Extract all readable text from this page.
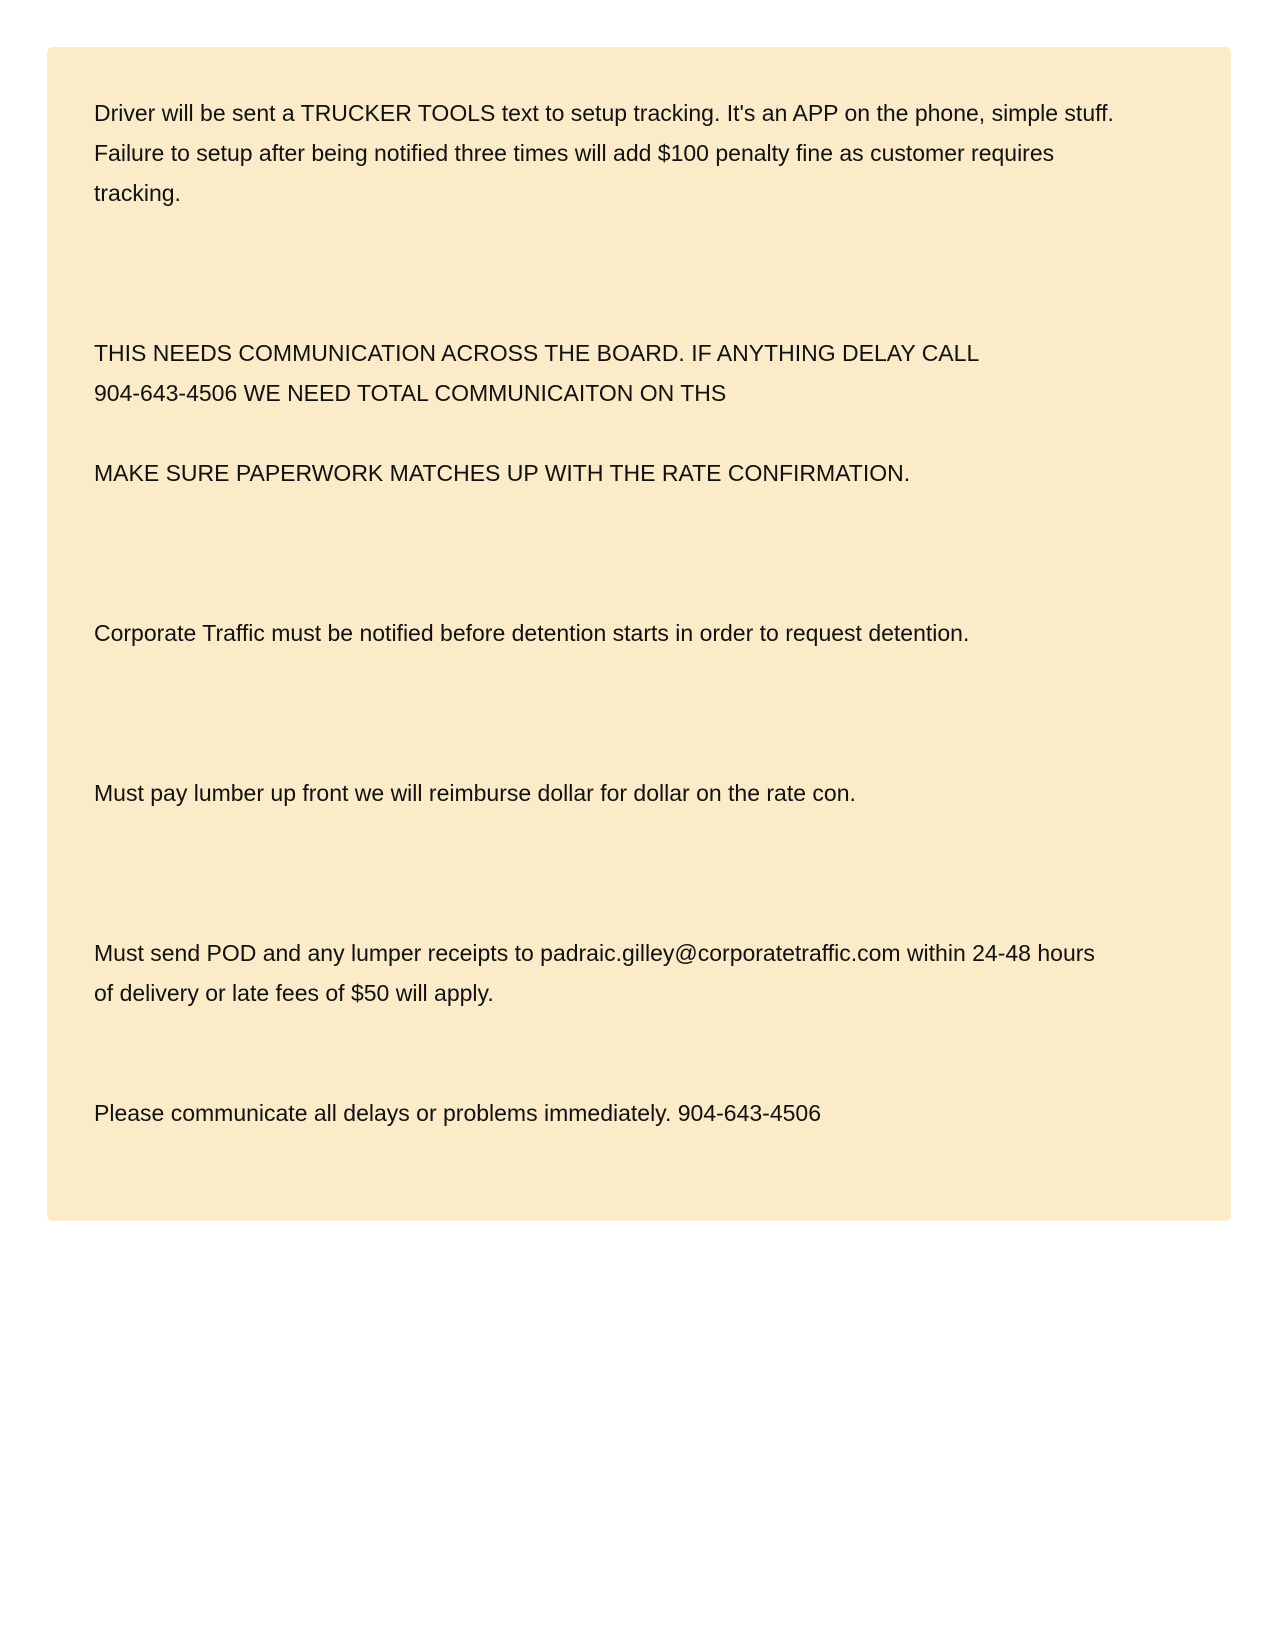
Driver will be sent a TRUCKER TOOLS text to setup tracking. It's an APP on the phone, simple stuff.
Failure to setup after being notified three times will add $100 penalty fine as customer requires
tracking.

THIS NEEDS COMMUNICATION ACROSS THE BOARD. IF ANYTHING DELAY CALL
904-643-4506 WE NEED TOTAL COMMUNICAITON ON THS

MAKE SURE PAPERWORK MATCHES UP WITH THE RATE CONFIRMATION.

Corporate Traffic must be notified before detention starts in order to request detention.

Must pay lumber up front we will reimburse dollar for dollar on the rate con.

Must send POD and any lumper receipts to padraic.gilley@corporatetraffic.com within 24-48 hours
of delivery or late fees of $50 will apply.

Please communicate all delays or problems immediately. 904-643-4506
